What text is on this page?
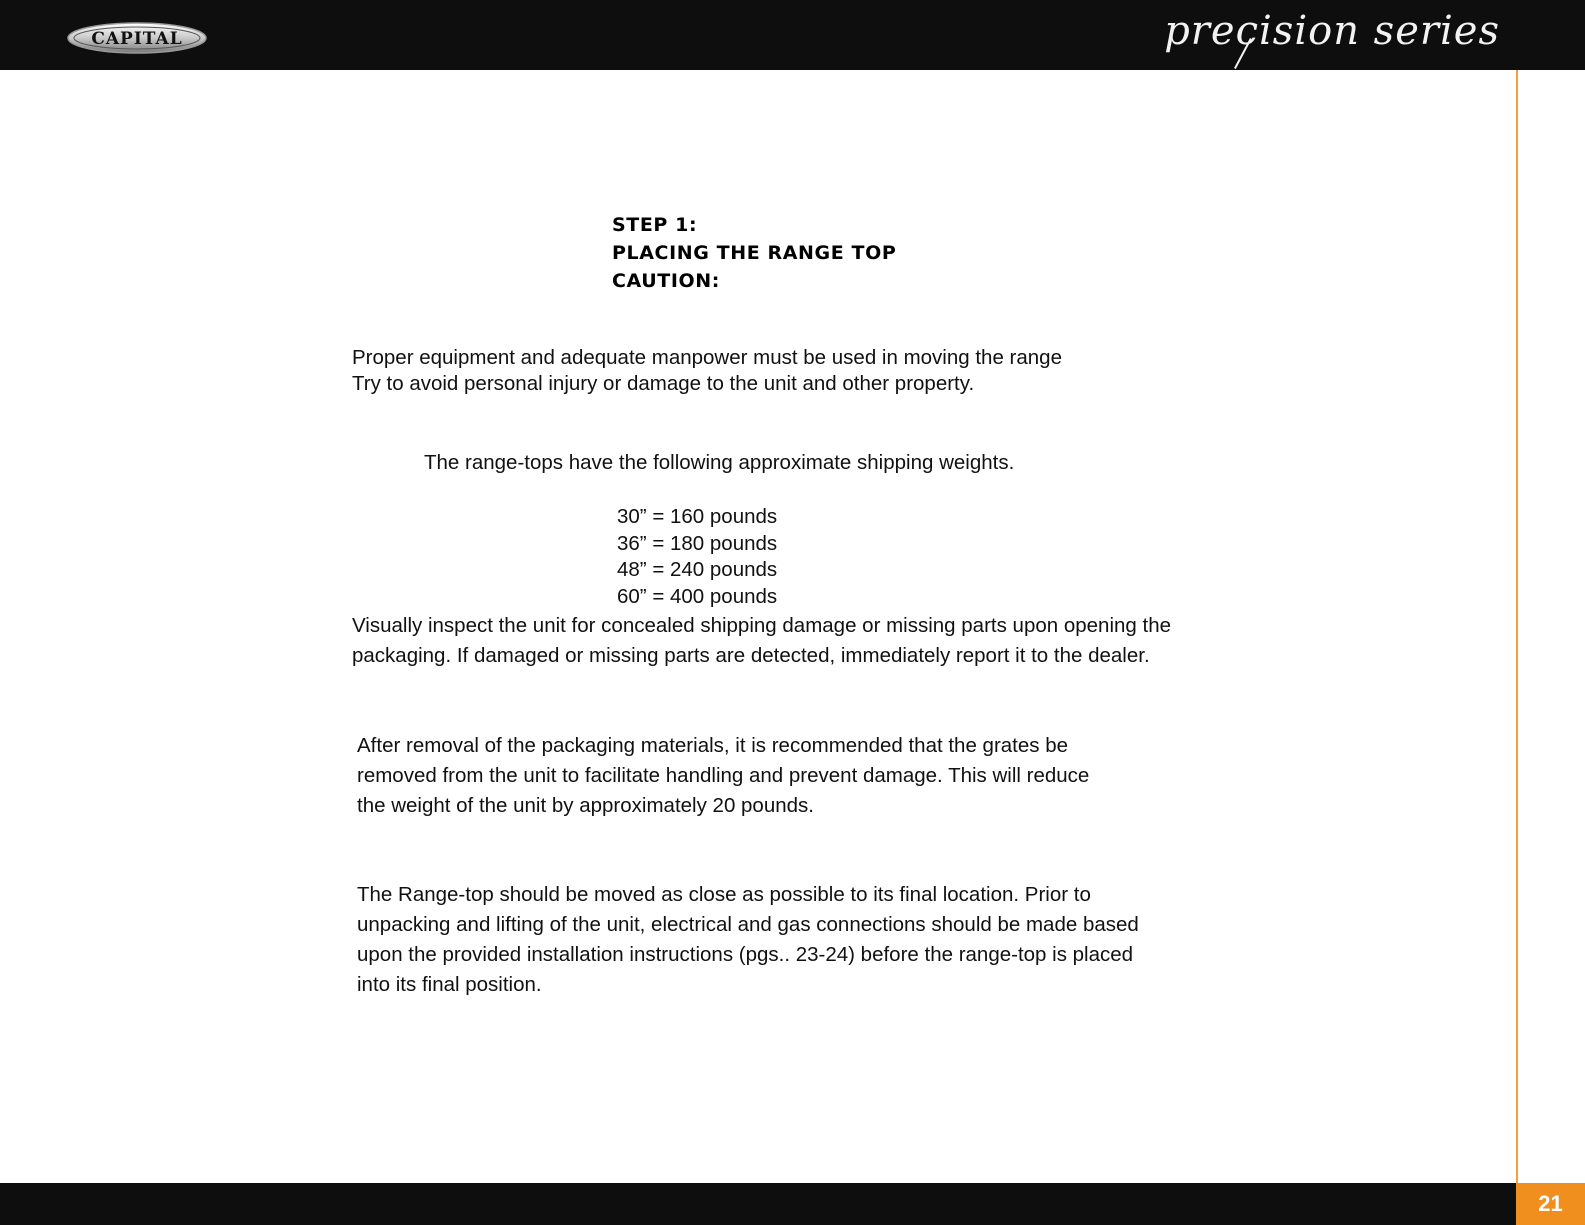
CAPITAL	precision series
STEP 1:
PLACING THE RANGE TOP
CAUTION:
Proper equipment and adequate manpower must be used in moving the range
Try to avoid personal injury or damage to the unit and other property.
The range-tops have the following approximate shipping weights.
30” = 160 pounds
36” = 180 pounds
48” = 240 pounds
60” = 400 pounds
Visually inspect the unit for concealed shipping damage or missing parts upon opening the
packaging. If damaged or missing parts are detected, immediately report it to the dealer.
After removal of the packaging materials, it is recommended that the grates be
removed from the unit to facilitate handling and prevent damage. This will reduce
the weight of the unit by approximately 20 pounds.
The Range-top should be moved as close as possible to its final location. Prior to
unpacking and lifting of the unit, electrical and gas connections should be made based
upon the provided installation instructions (pgs.. 23-24) before the range-top is placed
into its final position.
21
